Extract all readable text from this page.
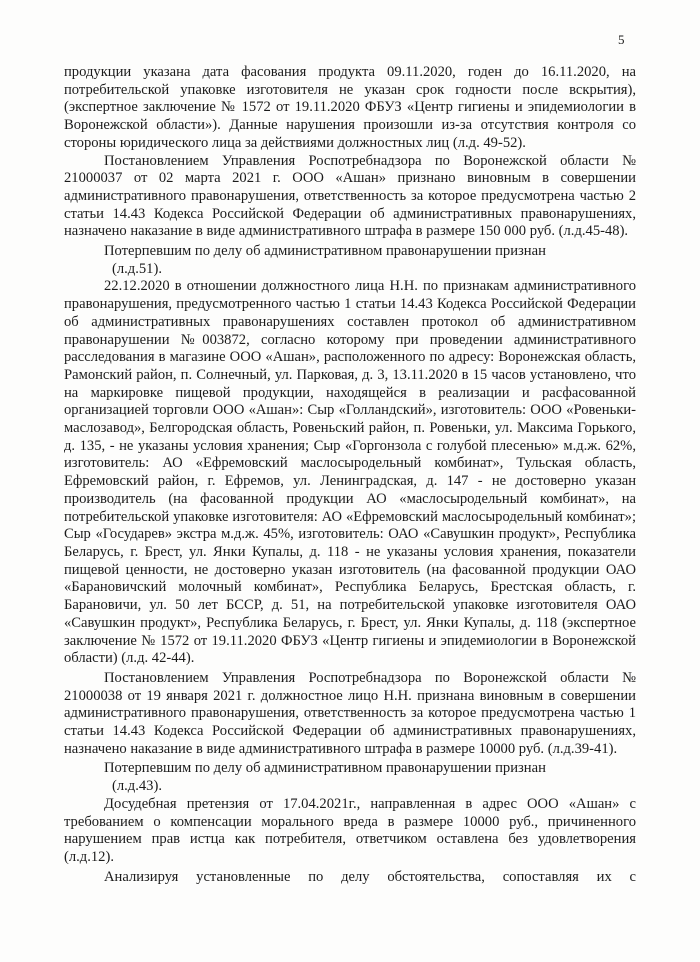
5

продукции указана дата фасования продукта 09.11.2020, годен до 16.11.2020, на потребительской упаковке изготовителя не указан срок годности после вскрытия), (экспертное заключение № 1572 от 19.11.2020 ФБУЗ «Центр гигиены и эпидемиологии в Воронежской области»). Данные нарушения произошли из-за отсутствия контроля со стороны юридического лица за действиями должностных лиц (л.д. 49-52).

Постановлением Управления Роспотребнадзора по Воронежской области № 21000037 от 02 марта 2021 г. ООО «Ашан» признано виновным в совершении административного правонарушения, ответственность за которое предусмотрена частью 2 статьи 14.43 Кодекса Российской Федерации об административных правонарушениях, назначено наказание в виде административного штрафа в размере 150 000 руб. (л.д.45-48).

Потерпевшим по делу об административном правонарушении признан
(л.д.51).

22.12.2020 в отношении должностного лица Н.Н. по признакам административного правонарушения, предусмотренного частью 1 статьи 14.43 Кодекса Российской Федерации об административных правонарушениях составлен протокол об административном правонарушении №003872, согласно которому при проведении административного расследования в магазине ООО «Ашан», расположенного по адресу: Воронежская область, Рамонский район, п. Солнечный, ул. Парковая, д. 3, 13.11.2020 в 15 часов установлено, что на маркировке пищевой продукции, находящейся в реализации и расфасованной организацией торговли ООО «Ашан»: Сыр «Голландский», изготовитель: ООО «Ровеньки-маслозавод», Белгородская область, Ровеньский район, п. Ровеньки, ул. Максима Горького, д. 135, - не указаны условия хранения; Сыр «Горгонзола с голубой плесенью» м.д.ж. 62%, изготовитель: АО «Ефремовский маслосыродельный комбинат», Тульская область, Ефремовский район, г. Ефремов, ул. Ленинградская, д. 147 - не достоверно указан производитель (на фасованной продукции АО «маслосыродельный комбинат», на потребительской упаковке изготовителя: АО «Ефремовский маслосыродельный комбинат»; Сыр «Государев» экстра м.д.ж. 45%, изготовитель: ОАО «Савушкин продукт», Республика Беларусь, г. Брест, ул. Янки Купалы, д. 118 - не указаны условия хранения, показатели пищевой ценности, не достоверно указан изготовитель (на фасованной продукции ОАО «Барановичский молочный комбинат», Республика Беларусь, Брестская область, г. Барановичи, ул. 50 лет БССР, д. 51, на потребительской упаковке изготовителя ОАО «Савушкин продукт», Республика Беларусь, г. Брест, ул. Янки Купалы, д. 118 (экспертное заключение № 1572 от 19.11.2020 ФБУЗ «Центр гигиены и эпидемиологии в Воронежской области) (л.д. 42-44).

Постановлением Управления Роспотребнадзора по Воронежской области № 21000038 от 19 января 2021 г. должностное лицо Н.Н. признана виновным в совершении административного правонарушения, ответственность за которое предусмотрена частью 1 статьи 14.43 Кодекса Российской Федерации об административных правонарушениях, назначено наказание в виде административного штрафа в размере 10000 руб. (л.д.39-41).

Потерпевшим по делу об административном правонарушении признан
(л.д.43).

Досудебная претензия от 17.04.2021г., направленная в адрес ООО «Ашан» с требованием о компенсации морального вреда в размере 10000 руб., причиненного нарушением прав истца как потребителя, ответчиком оставлена без удовлетворения (л.д.12).

Анализируя установленные по делу обстоятельства, сопоставляя их с
